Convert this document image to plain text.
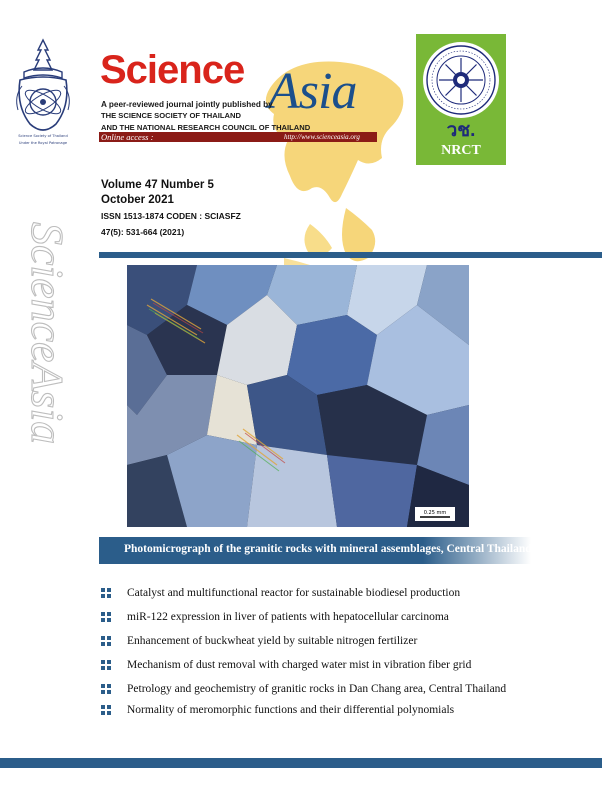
Science Society of Thailand
Under the Royal Patronage
Science Asia
A peer-reviewed journal jointly published by
THE SCIENCE SOCIETY OF THAILAND
AND THE NATIONAL RESEARCH COUNCIL OF THAILAND
Online access :	http://www.scienceasia.org	วช.
NRCT
Volume 47 Number 5
October 2021
ISSN 1513-1874 CODEN : SCIASFZ
47(5): 531-664 (2021)
ScienceAsia
0.25 mm
Photomicrograph of the granitic rocks with mineral assemblages, Central Thailand
Catalyst and multifunctional reactor for sustainable biodiesel production
miR-122 expression in liver of patients with hepatocellular carcinoma
Enhancement of buckwheat yield by suitable nitrogen fertilizer
Mechanism of dust removal with charged water mist in vibration fiber grid
Petrology and geochemistry of granitic rocks in Dan Chang area, Central Thailand
Normality of meromorphic functions and their differential polynomials
